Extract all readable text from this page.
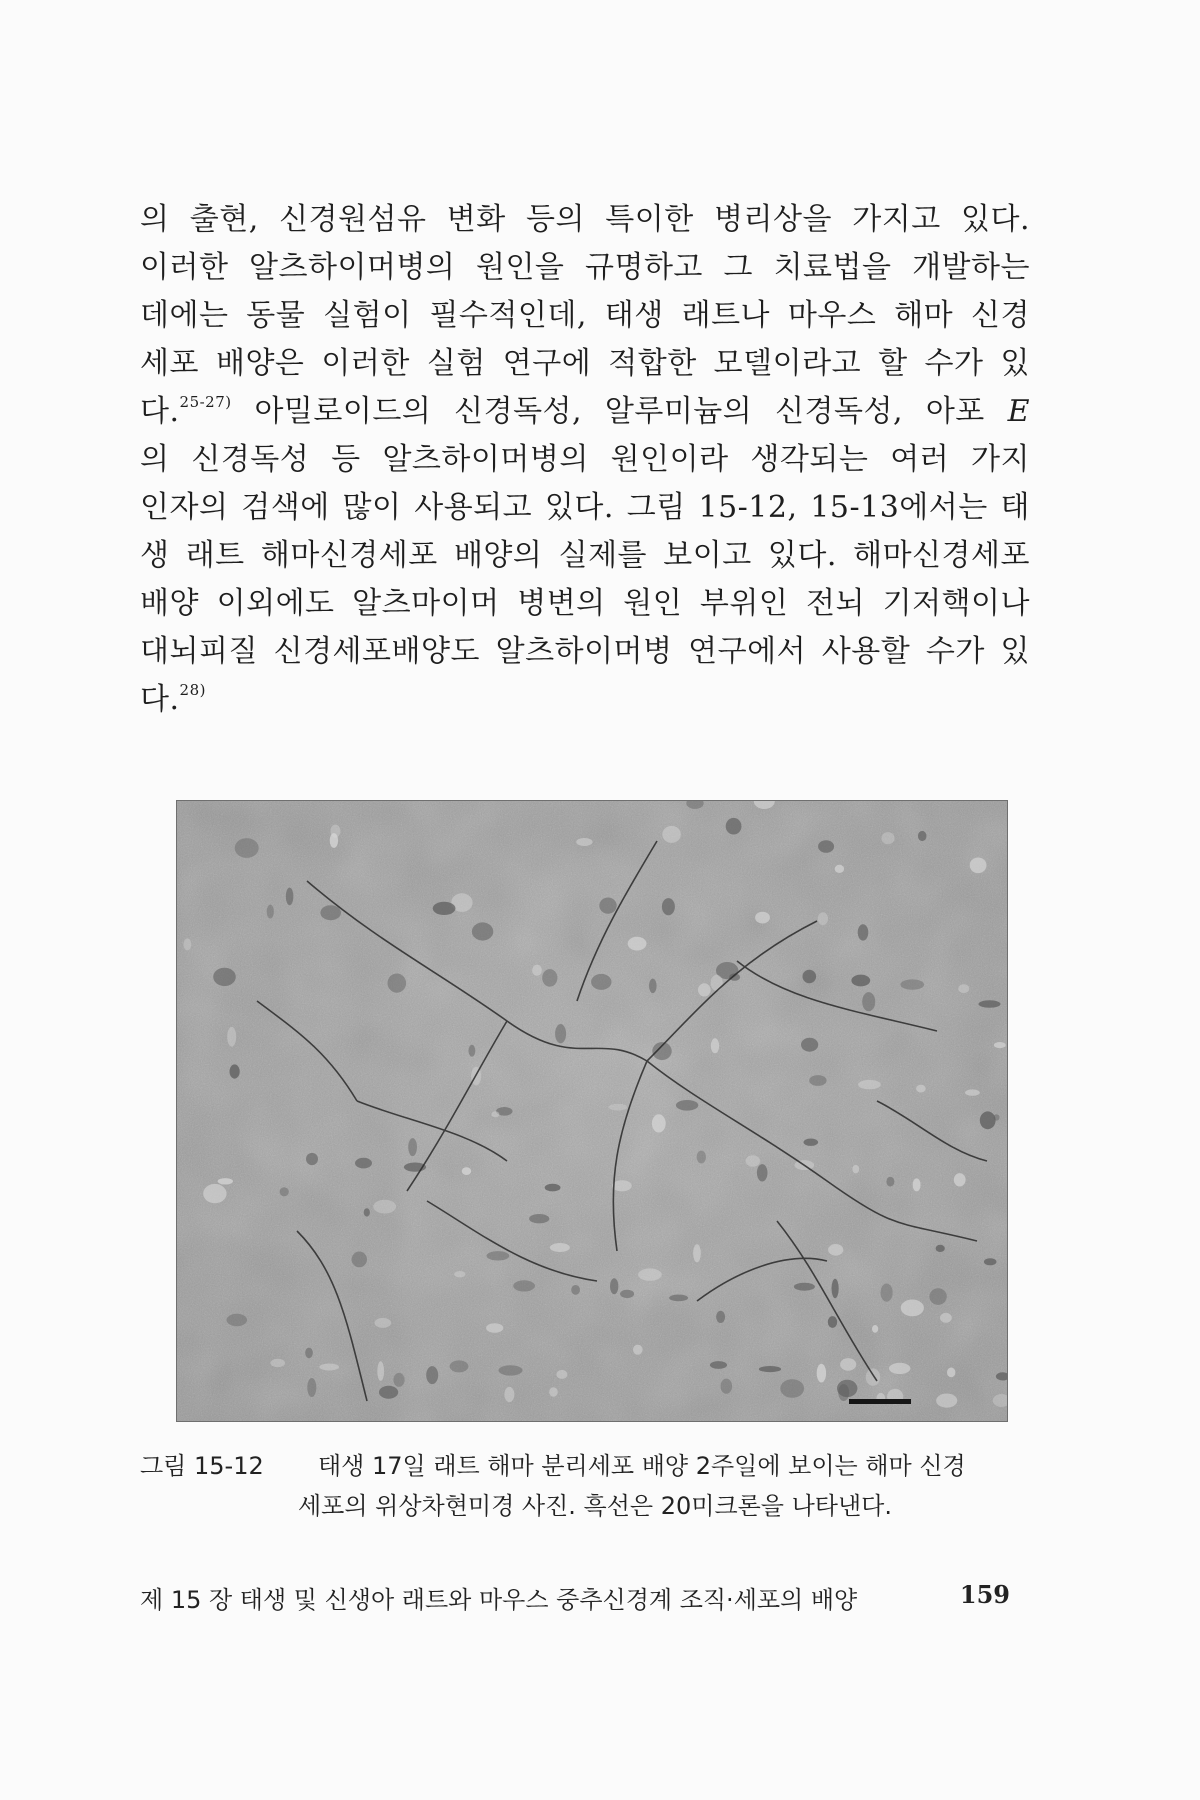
의 출현, 신경원섬유 변화 등의 특이한 병리상을 가지고 있다.
이러한 알츠하이머병의 원인을 규명하고 그 치료법을 개발하는
데에는 동물 실험이 필수적인데, 태생 래트나 마우스 해마 신경
세포 배양은 이러한 실험 연구에 적합한 모델이라고 할 수가 있
다.$^{25-27)}$ 아밀로이드의 신경독성, 알루미늄의 신경독성, 아포 E
의 신경독성 등 알츠하이머병의 원인이라 생각되는 여러 가지
인자의 검색에 많이 사용되고 있다. 그림 15-12, 15-13에서는 태
생 래트 해마신경세포 배양의 실제를 보이고 있다. 해마신경세포
배양 이외에도 알츠마이머 병변의 원인 부위인 전뇌 기저핵이나
대뇌피질 신경세포배양도 알츠하이머병 연구에서 사용할 수가 있
다.$^{28)}$
그림 15-12 태생 17일 래트 해마 분리세포 배양 2주일에 보이는 해마 신경
세포의 위상차현미경 사진. 흑선은 20미크론을 나타낸다.
제 15 장 태생 및 신생아 래트와 마우스 중추신경계 조직·세포의 배양	159
